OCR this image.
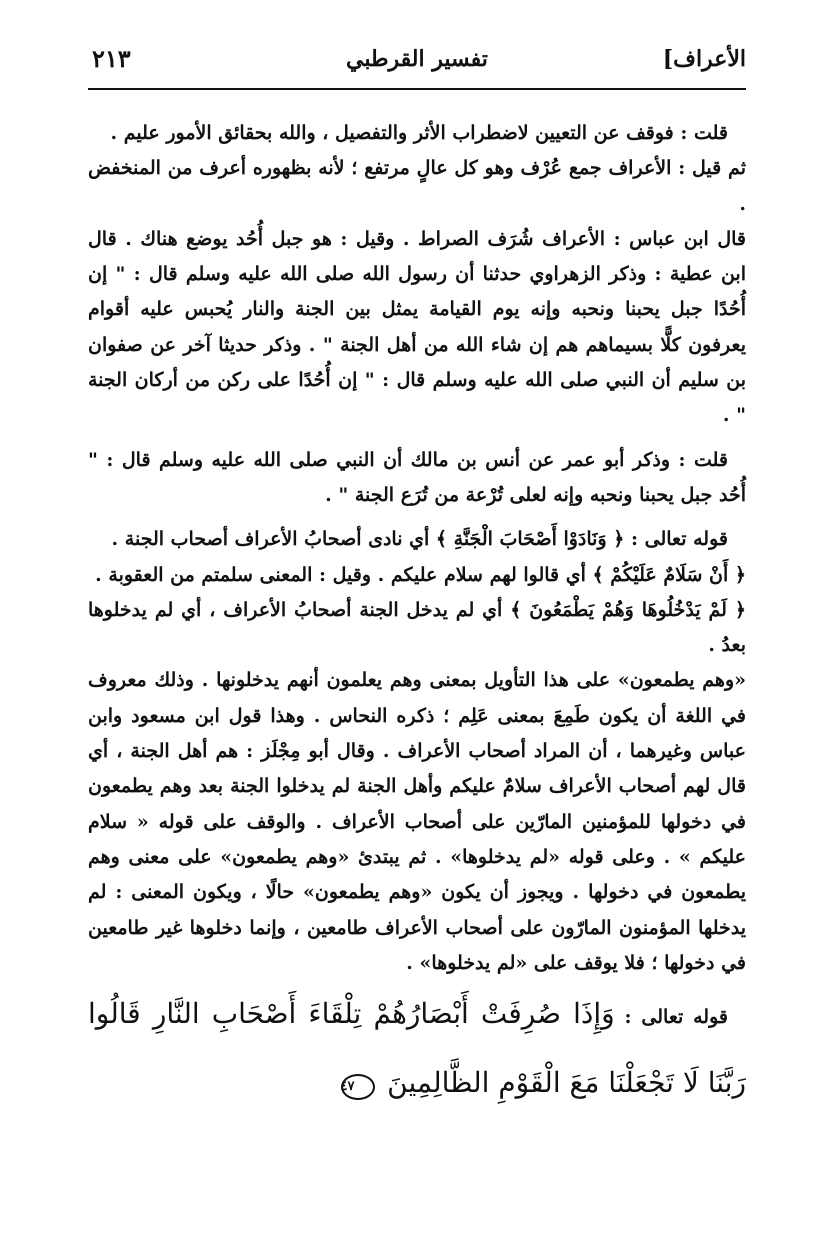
الأعراف]
تفسير القرطبي
٢١٣

قلت : فوقف عن التعيين لاضطراب الأثر والتفصيل ، والله بحقائق الأمور عليم .

ثم قيل : الأعراف جمع عُرْف وهو كل عالٍ مرتفع ؛ لأنه بظهوره أعرف من المنخفض .

قال ابن عباس : الأعراف شُرَف الصراط . وقيل : هو جبل أُحُد يوضع هناك . قال ابن عطية : وذكر الزهراوي حدثنا أن رسول الله صلى الله عليه وسلم قال : " إن أُحُدًا جبل يحبنا ونحبه وإنه يوم القيامة يمثل بين الجنة والنار يُحبس عليه أقوام يعرفون كلًّا بسيماهم هم إن شاء الله من أهل الجنة " . وذكر حديثا آخر عن صفوان بن سليم أن النبي صلى الله عليه وسلم قال : " إن أُحُدًا على ركن من أركان الجنة " .

قلت : وذكر أبو عمر عن أنس بن مالك أن النبي صلى الله عليه وسلم قال : " أُحُد جبل يحبنا ونحبه وإنه لعلى تُرْعة من تُرَع الجنة " .

قوله تعالى : ﴿ وَنَادَوْا أَصْحَابَ الْجَنَّةِ ﴾ أي نادى أصحابُ الأعراف أصحاب الجنة .

﴿ أَنْ سَلَامٌ عَلَيْكُمْ ﴾ أي قالوا لهم سلام عليكم . وقيل : المعنى سلمتم من العقوبة .

﴿ لَمْ يَدْخُلُوهَا وَهُمْ يَطْمَعُونَ ﴾ أي لم يدخل الجنة أصحابُ الأعراف ، أي لم يدخلوها بعدُ .

«وهم يطمعون» على هذا التأويل بمعنى وهم يعلمون أنهم يدخلونها . وذلك معروف في اللغة أن يكون طَمِعَ بمعنى عَلِم ؛ ذكره النحاس . وهذا قول ابن مسعود وابن عباس وغيرهما ، أن المراد أصحاب الأعراف . وقال أبو مِجْلَز : هم أهل الجنة ، أي قال لهم أصحاب الأعراف سلامٌ عليكم وأهل الجنة لم يدخلوا الجنة بعد وهم يطمعون في دخولها للمؤمنين المارّين على أصحاب الأعراف . والوقف على قوله « سلام عليكم » . وعلى قوله «لم يدخلوها» . ثم يبتدئ «وهم يطمعون» على معنى وهم يطمعون في دخولها . ويجوز أن يكون «وهم يطمعون» حالًا ، ويكون المعنى : لم يدخلها المؤمنون المارّون على أصحاب الأعراف طامعين ، وإنما دخلوها غير طامعين في دخولها ؛ فلا يوقف على «لم يدخلوها» .

قوله تعالى : وَإِذَا صُرِفَتْ أَبْصَارُهُمْ تِلْقَاءَ أَصْحَابِ النَّارِ قَالُوا رَبَّنَا لَا تَجْعَلْنَا مَعَ الْقَوْمِ الظَّالِمِينَ ٤٧
